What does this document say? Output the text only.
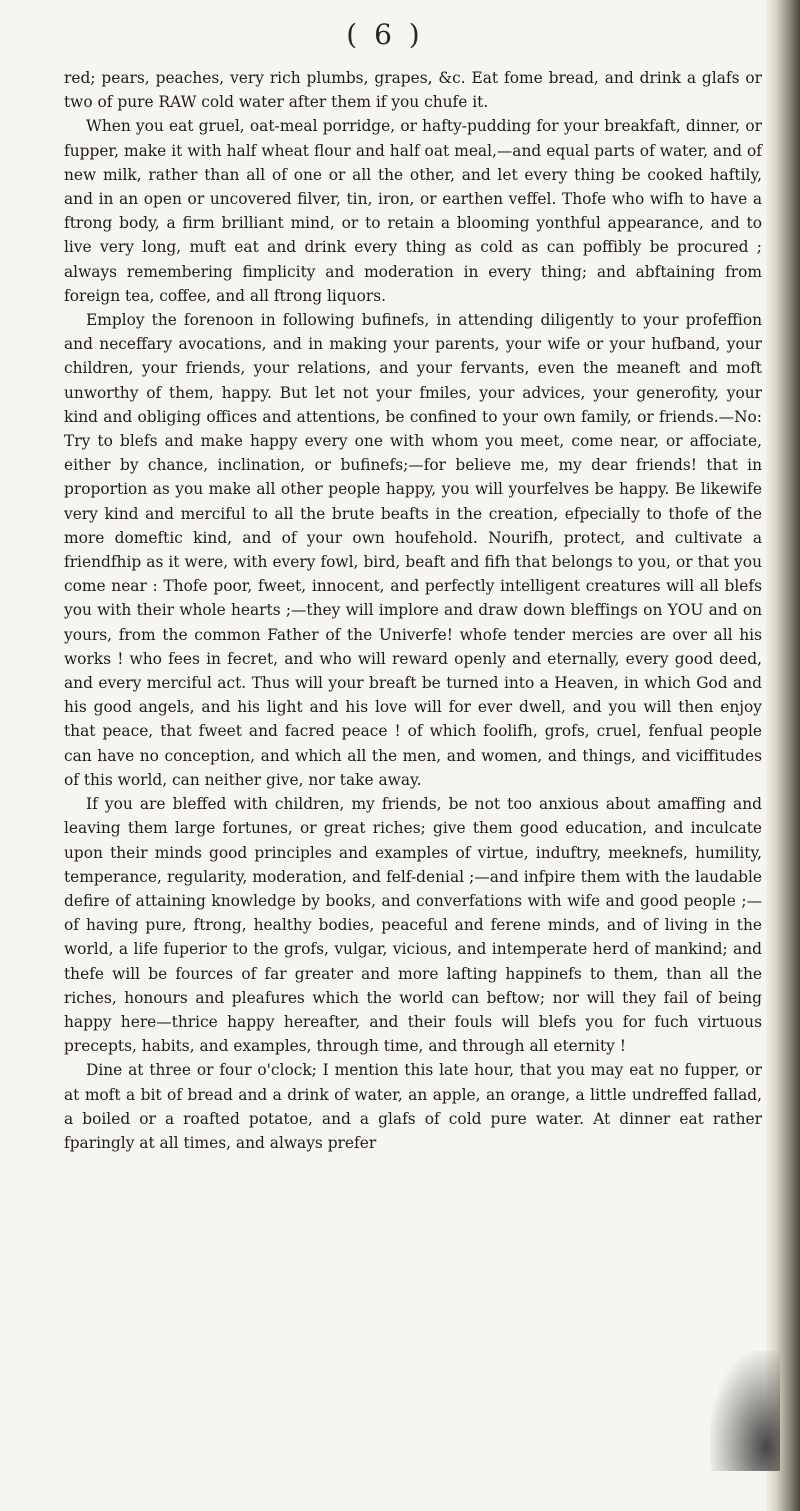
( 6 )

red; pears, peaches, very rich plumbs, grapes, &c. Eat fome bread, and drink a glafs or two of pure RAW cold water after them if you chufe it.

When you eat gruel, oat-meal porridge, or hafty-pudding for your breakfaft, dinner, or fupper, make it with half wheat flour and half oat meal,—and equal parts of water, and of new milk, rather than all of one or all the other, and let every thing be cooked haftily, and in an open or uncovered filver, tin, iron, or earthen veffel. Thofe who wifh to have a ftrong body, a firm brilliant mind, or to retain a blooming yonthful appearance, and to live very long, muft eat and drink every thing as cold as can poffibly be procured ; always remembering fimplicity and moderation in every thing; and abftaining from foreign tea, coffee, and all ftrong liquors.

Employ the forenoon in following bufinefs, in attending diligently to your profeffion and neceffary avocations, and in making your parents, your wife or your hufband, your children, your friends, your relations, and your fervants, even the meaneft and moft unworthy of them, happy. But let not your fmiles, your advices, your generofity, your kind and obliging offices and attentions, be confined to your own family, or friends.—No: Try to blefs and make happy every one with whom you meet, come near, or affociate, either by chance, inclination, or bufinefs;—for believe me, my dear friends! that in proportion as you make all other people happy, you will yourfelves be happy. Be likewife very kind and merciful to all the brute beafts in the creation, efpecially to thofe of the more domeftic kind, and of your own houfehold. Nourifh, protect, and cultivate a friendfhip as it were, with every fowl, bird, beaft and fifh that belongs to you, or that you come near : Thofe poor, fweet, innocent, and perfectly intelligent creatures will all blefs you with their whole hearts ;—they will implore and draw down bleffings on YOU and on yours, from the common Father of the Univerfe! whofe tender mercies are over all his works ! who fees in fecret, and who will reward openly and eternally, every good deed, and every merciful act. Thus will your breaft be turned into a Heaven, in which God and his good angels, and his light and his love will for ever dwell, and you will then enjoy that peace, that fweet and facred peace ! of which foolifh, grofs, cruel, fenfual people can have no conception, and which all the men, and women, and things, and viciffitudes of this world, can neither give, nor take away.

If you are bleffed with children, my friends, be not too anxious about amaffing and leaving them large fortunes, or great riches; give them good education, and inculcate upon their minds good principles and examples of virtue, induftry, meeknefs, humility, temperance, regularity, moderation, and felf-denial ;—and infpire them with the laudable defire of attaining knowledge by books, and converfations with wife and good people ;—of having pure, ftrong, healthy bodies, peaceful and ferene minds, and of living in the world, a life fuperior to the grofs, vulgar, vicious, and intemperate herd of mankind; and thefe will be fources of far greater and more lafting happinefs to them, than all the riches, honours and pleafures which the world can beftow; nor will they fail of being happy here—thrice happy hereafter, and their fouls will blefs you for fuch virtuous precepts, habits, and examples, through time, and through all eternity !

Dine at three or four o'clock; I mention this late hour, that you may eat no fupper, or at moft a bit of bread and a drink of water, an apple, an orange, a little undreffed fallad, a boiled or a roafted potatoe, and a glafs of cold pure water. At dinner eat rather fparingly at all times, and always prefer
